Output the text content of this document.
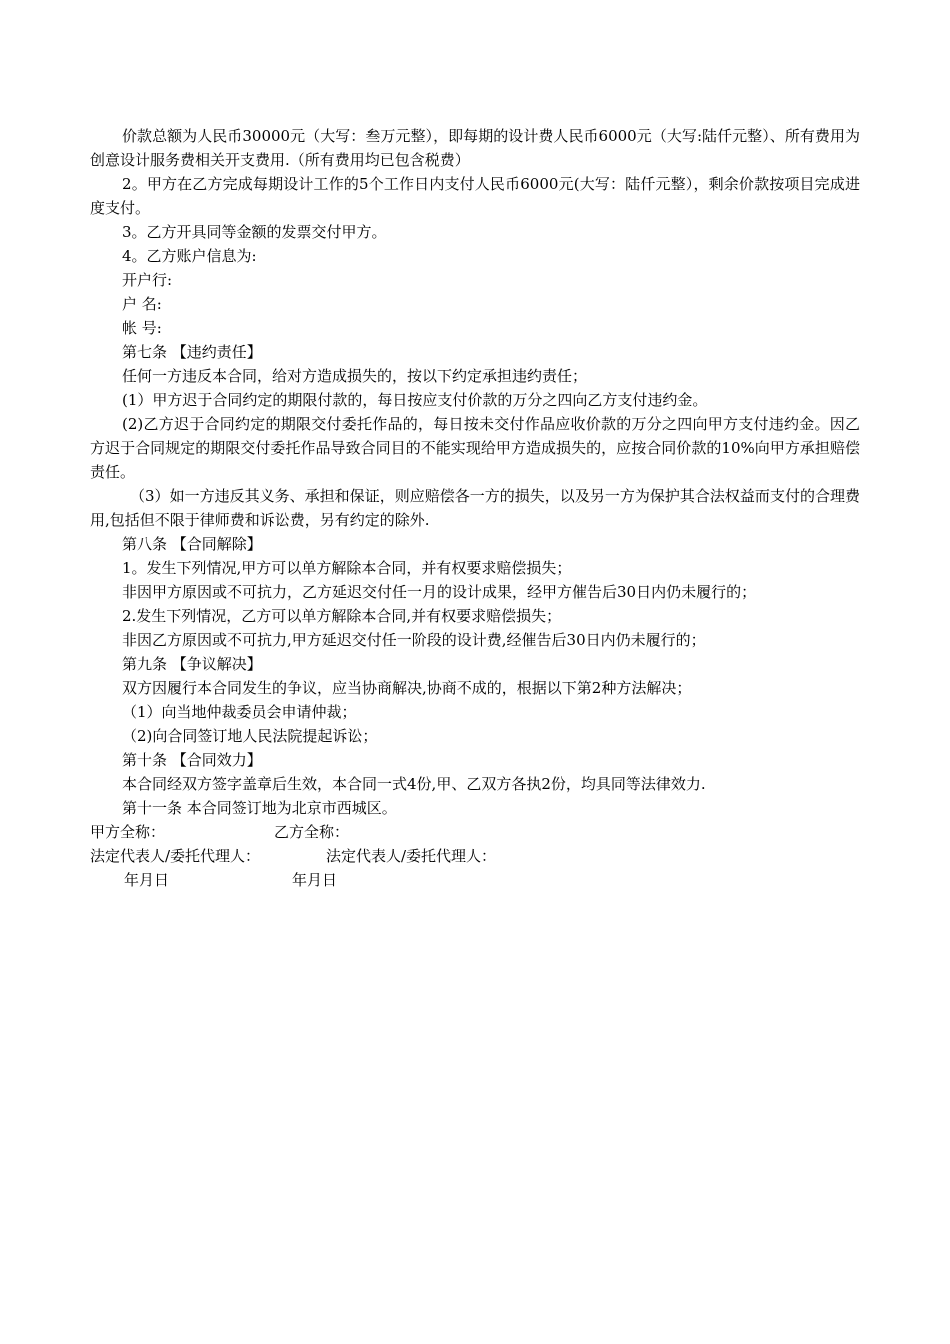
价款总额为人民币30000元（大写：叁万元整），即每期的设计费人民币6000元（大写:陆仟元整）、所有费用为创意设计服务费相关开支费用.（所有费用均已包含税费）

2。甲方在乙方完成每期设计工作的5个工作日内支付人民币6000元(大写：陆仟元整），剩余价款按项目完成进度支付。

3。乙方开具同等金额的发票交付甲方。

4。乙方账户信息为:

开户行:

户 名:

帐 号:

第七条 【违约责任】

任何一方违反本合同，给对方造成损失的，按以下约定承担违约责任；

(1）甲方迟于合同约定的期限付款的，每日按应支付价款的万分之四向乙方支付违约金。

(2)乙方迟于合同约定的期限交付委托作品的，每日按未交付作品应收价款的万分之四向甲方支付违约金。因乙方迟于合同规定的期限交付委托作品导致合同目的不能实现给甲方造成损失的，应按合同价款的10%向甲方承担赔偿责任。

（3）如一方违反其义务、承担和保证，则应赔偿各一方的损失，以及另一方为保护其合法权益而支付的合理费用,包括但不限于律师费和诉讼费，另有约定的除外.

第八条 【合同解除】

1。发生下列情况,甲方可以单方解除本合同，并有权要求赔偿损失；

非因甲方原因或不可抗力，乙方延迟交付任一月的设计成果，经甲方催告后30日内仍未履行的；

2.发生下列情况，乙方可以单方解除本合同,并有权要求赔偿损失；

非因乙方原因或不可抗力,甲方延迟交付任一阶段的设计费,经催告后30日内仍未履行的；

第九条 【争议解决】

双方因履行本合同发生的争议，应当协商解决,协商不成的，根据以下第2种方法解决；

（1）向当地仲裁委员会申请仲裁；

（2)向合同签订地人民法院提起诉讼；

第十条 【合同效力】

本合同经双方签字盖章后生效，本合同一式4份,甲、乙双方各执2份，均具同等法律效力.

第十一条 本合同签订地为北京市西城区。

甲方全称：	乙方全称：
法定代表人/委托代理人：	法定代表人/委托代理人：
年月日	年月日
